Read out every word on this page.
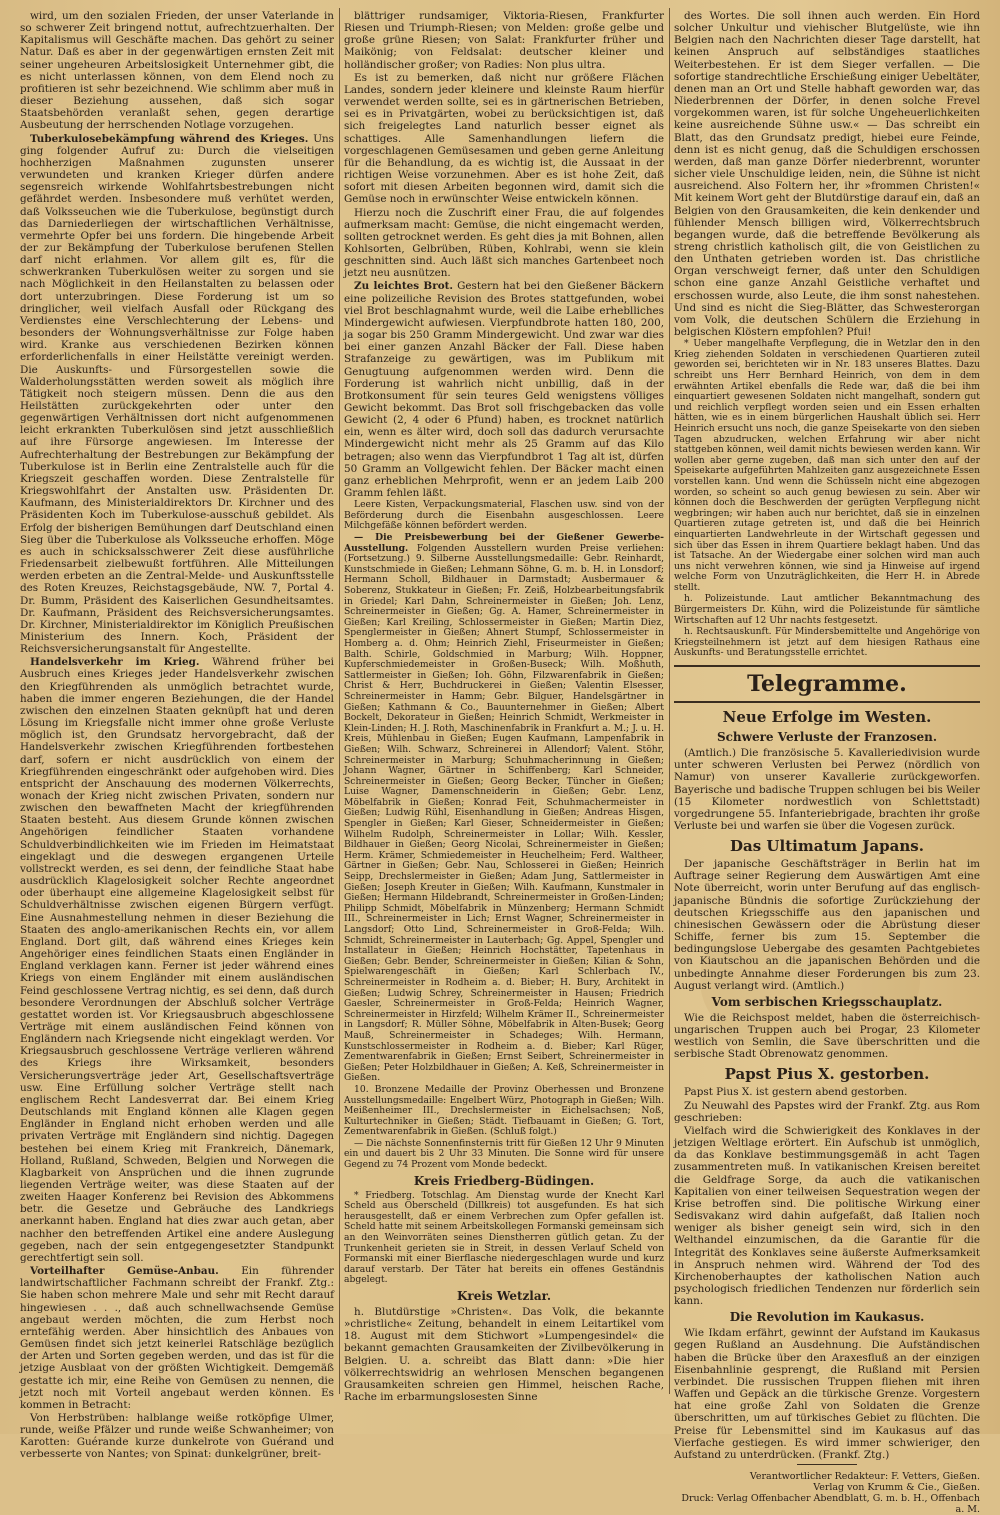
wird, um den sozialen Frieden, der unser Vaterlande in so schwerer Zeit bringend nottut, aufrechtzuerhalten. Der Kapitalismus will Geschäfte machen. Das gehört zu seiner Natur. Daß es aber in der gegenwärtigen ernsten Zeit mit seiner ungeheuren Arbeitslosigkeit Unternehmer gibt, die es nicht unterlassen können, von dem Elend noch zu profitieren ist sehr bezeichnend. Wie schlimm aber muß in dieser Beziehung aussehen, daß sich sogar Staatsbehörden veranlaßt sehen, gegen derartige Ausbeutung der herrschenden Notlage vorzugehen.

Tuberkulosebekämpfung während des Krieges. Uns ging folgender Aufruf zu: Durch die vielseitigen hochherzigen Maßnahmen zugunsten unserer verwundeten und kranken Krieger dürfen andere segensreich wirkende Wohlfahrtsbestrebungen nicht gefährdet werden. Insbesondere muß verhütet werden, daß Volksseuchen wie die Tuberkulose, begünstigt durch das Darniederliegen der wirtschaftlichen Verhältnisse, vermehrte Opfer bei uns fordern. Die hingebende Arbeit der zur Bekämpfung der Tuberkulose berufenen Stellen darf nicht erlahmen. Vor allem gilt es, für die schwerkranken Tuberkulösen weiter zu sorgen und sie nach Möglichkeit in den Heilanstalten zu belassen oder dort unterzubringen. Diese Forderung ist um so dringlicher, weil vielfach Ausfall oder Rückgang des Verdienstes eine Verschlechterung der Lebens- und besonders der Wohnungsverhältnisse zur Folge haben wird. Kranke aus verschiedenen Bezirken können erforderlichenfalls in einer Heilstätte vereinigt werden. Die Auskunfts- und Fürsorgestellen sowie die Walderholungsstätten werden soweit als möglich ihre Tätigkeit noch steigern müssen. Denn die aus den Heilstätten zurückgekehrten oder unter den gegenwärtigen Verhältnissen dort nicht aufgenommenen leicht erkrankten Tuberkulösen sind jetzt ausschließlich auf ihre Fürsorge angewiesen. Im Interesse der Aufrechterhaltung der Bestrebungen zur Bekämpfung der Tuberkulose ist in Berlin eine Zentralstelle auch für die Kriegszeit geschaffen worden. Diese Zentralstelle für Kriegswohlfahrt der Anstalten usw. Präsidenten Dr. Kaufmann, des Ministerialdirektors Dr. Kirchner und des Präsidenten Koch im Tuberkulose-ausschuß gebildet. Als Erfolg der bisherigen Bemühungen darf Deutschland einen Sieg über die Tuberkulose als Volksseuche erhoffen. Möge es auch in schicksalsschwerer Zeit diese ausführliche Friedensarbeit zielbewußt fortführen. Alle Mitteilungen werden erbeten an die Zentral-Melde- und Auskunftsstelle des Roten Kreuzes, Reichstagsgebäude, NW. 7, Portal 4. Dr. Bumm, Präsident des Kaiserlichen Gesundheitsamtes. Dr. Kaufmann, Präsident des Reichsversicherungsamtes. Dr. Kirchner, Ministerialdirektor im Königlich Preußischen Ministerium des Innern. Koch, Präsident der Reichsversicherungsanstalt für Angestellte.

Handelsverkehr im Krieg. Während früher bei Ausbruch eines Krieges jeder Handelsverkehr zwischen den Kriegführenden als unmöglich betrachtet wurde, haben die immer engeren Beziehungen, die der Handel zwischen den einzelnen Staaten geknüpft hat und deren Lösung im Kriegsfalle nicht immer ohne große Verluste möglich ist, den Grundsatz hervorgebracht, daß der Handelsverkehr zwischen Kriegführenden fortbestehen darf, sofern er nicht ausdrücklich von einem der Kriegführenden eingeschränkt oder aufgehoben wird. Dies entspricht der Anschauung des modernen Völkerrechts, wonach der Krieg nicht zwischen Privaten, sondern nur zwischen den bewaffneten Macht der kriegführenden Staaten besteht. Aus diesem Grunde können zwischen Angehörigen feindlicher Staaten vorhandene Schuldverbindlichkeiten wie im Frieden im Heimatstaat eingeklagt und die deswegen ergangenen Urteile vollstreckt werden, es sei denn, der feindliche Staat habe ausdrücklich Klagelosigkeit solcher Rechte angeordnet oder überhaupt eine allgemeine Klagelosigkeit selbst für Schuldverhältnisse zwischen eigenen Bürgern verfügt. Eine Ausnahmestellung nehmen in dieser Beziehung die Staaten des anglo-amerikanischen Rechts ein, vor allem England. Dort gilt, daß während eines Krieges kein Angehöriger eines feindlichen Staats einen Engländer in England verklagen kann. Ferner ist jeder während eines Kriegs von einem Engländer mit einem ausländischen Feind geschlossene Vertrag nichtig, es sei denn, daß durch besondere Verordnungen der Abschluß solcher Verträge gestattet worden ist. Vor Kriegsausbruch abgeschlossene Verträge mit einem ausländischen Feind können von Engländern nach Kriegsende nicht eingeklagt werden. Vor Kriegsausbruch geschlossene Verträge verlieren während des Kriegs ihre Wirksamkeit, besonders Versicherungsverträge jeder Art, Gesellschaftsverträge usw. Eine Erfüllung solcher Verträge stellt nach englischem Recht Landesverrat dar. Bei einem Krieg Deutschlands mit England können alle Klagen gegen Engländer in England nicht erhoben werden und alle privaten Verträge mit Engländern sind nichtig. Dagegen bestehen bei einem Krieg mit Frankreich, Dänemark, Holland, Rußland, Schweden, Belgien und Norwegen die Klagbarkeit von Ansprüchen und die ihnen zugrunde liegenden Verträge weiter, was diese Staaten auf der zweiten Haager Konferenz bei Revision des Abkommens betr. die Gesetze und Gebräuche des Landkriegs anerkannt haben. England hat dies zwar auch getan, aber nachher den betreffenden Artikel eine andere Auslegung gegeben, nach der sein entgegengesetzter Standpunkt gerechtfertigt sein soll.

Vorteilhafter Gemüse-Anbau. Ein führender landwirtschaftlicher Fachmann schreibt der Frankf. Ztg.: Sie haben schon mehrere Male und sehr mit Recht darauf hingewiesen . . ., daß auch schnellwachsende Gemüse angebaut werden möchten, die zum Herbst noch erntefähig werden. Aber hinsichtlich des Anbaues von Gemüsen findet sich jetzt keinerlei Ratschläge bezüglich der Arten und Sorten gegeben werden, und das ist für die jetzige Ausblaat von der größten Wichtigkeit. Demgemäß gestatte ich mir, eine Reihe von Gemüsen zu nennen, die jetzt noch mit Vorteil angebaut werden können. Es kommen in Betracht:

Von Herbstrüben: halblange weiße rotköpfige Ulmer, runde, weiße Pfälzer und runde weiße Schwanheimer; von Karotten: Guérande kurze dunkelrote von Guérand und verbesserte von Nantes; von Spinat: dunkelgrüner, breit-

blättriger rundsamiger, Viktoria-Riesen, Frankfurter Riesen und Triumph-Riesen; von Melden: große gelbe und große grüne Riesen; von Salat: Frankfurter früher und Maikönig; von Feldsalat: deutscher kleiner und holländischer großer; von Radies: Non plus ultra.

Es ist zu bemerken, daß nicht nur größere Flächen Landes, sondern jeder kleinere und kleinste Raum hierfür verwendet werden sollte, sei es in gärtnerischen Betrieben, sei es in Privatgärten, wobei zu berücksichtigen ist, daß sich freigelegtes Land naturlich besser eignet als schattiges. Alle Samenhandlungen liefern die vorgeschlagenen Gemüsesamen und geben gerne Anleitung für die Behandlung, da es wichtig ist, die Aussaat in der richtigen Weise vorzunehmen. Aber es ist hohe Zeit, daß sofort mit diesen Arbeiten begonnen wird, damit sich die Gemüse noch in erwünschter Weise entwickeln können.

Hierzu noch die Zuschrift einer Frau, die auf folgendes aufmerksam macht: Gemüse, die nicht eingemacht werden, sollten getrocknet werden. Es geht dies ja mit Bohnen, allen Kohlsorten, Gelbrüben, Rüben, Kohlrabi, wenn sie klein geschnitten sind. Auch läßt sich manches Gartenbeet noch jetzt neu ausnützen.

Zu leichtes Brot. Gestern hat bei den Gießener Bäckern eine polizeiliche Revision des Brotes stattgefunden, wobei viel Brot beschlagnahmt wurde, weil die Laibe erheblliches Mindergewicht aufwiesen. Vierpfundbrote hatten 180, 200, ja sogar bis 250 Gramm Mindergewicht. Und zwar war dies bei einer ganzen Anzahl Bäcker der Fall. Diese haben Strafanzeige zu gewärtigen, was im Publikum mit Genugtuung aufgenommen werden wird. Denn die Forderung ist wahrlich nicht unbillig, daß in der Brotkonsument für sein teures Geld wenigstens völliges Gewicht bekommt. Das Brot soll frischgebacken das volle Gewicht (2, 4 oder 6 Pfund) haben, es trocknet natürlich ein, wenn es älter wird, doch soll das dadurch verursachte Mindergewicht nicht mehr als 25 Gramm auf das Kilo betragen; also wenn das Vierpfundbrot 1 Tag alt ist, dürfen 50 Gramm an Vollgewicht fehlen. Der Bäcker macht einen ganz erheblichen Mehrprofit, wenn er an jedem Laib 200 Gramm fehlen läßt.

Leere Kisten, Verpackungsmaterial, Flaschen usw. sind von der Beförderung durch die Eisenbahn ausgeschlossen. Leere Milchgefäße können befördert werden.

— Die Preisbewerbung bei der Gießener Gewerbe-Ausstellung. Folgenden Ausstellern wurden Preise verliehen: (Fortsetzung.) 9. Silberne Ausstellungsmedaille: Gebr. Reinhardt, Kunstschmiede in Gießen; Lehmann Söhne, G. m. b. H. in Lonsdorf; Hermann Scholl, Bildhauer in Darmstadt; Ausbermauer & Soberenz, Stukkateur in Gießen; Fr. Zeiß, Holzbearbeitungsfabrik in Griedel; Karl Dahn, Schreinermeister in Gießen; Joh. Lenz, Schreinermeister in Gießen; Gg. A. Hamer, Schreinermeister in Gießen; Karl Kreiling, Schlossermeister in Gießen; Martin Diez, Spenglermeister in Gießen; Ahnert Stumpf, Schlossermeister in Homberg a. d. Ohm; Heinrich Ziehl, Friseurmeister in Gießen; Balth. Schirle, Goldschmied in Marburg; Wilh. Hoppner, Kupferschmiedemeister in Großen-Buseck; Wilh. Moßhuth, Sattlermeister in Gießen; Ioh. Göhn, Filzwarenfabrik in Gießen; Christ & Herr, Buchdruckerei in Gießen; Valentin Elsesser, Schreinermeister in Hamm; Gebr. Bilguer, Handelsgärtner in Gießen; Kathmann & Co., Bauunternehmer in Gießen; Albert Bockelt, Dekorateur in Gießen; Heinrich Schmidt, Werkmeister in Klein-Linden; H. J. Roth, Maschinenfabrik in Frankfurt a. M.; J. u. H. Kreis, Mühlenbau in Gießen; Eugen Kaufmann, Lampenfabrik in Gießen; Wilh. Schwarz, Schreinerei in Allendorf; Valent. Stöhr, Schreinermeister in Marburg; Schuhmacherinnung in Gießen; Johann Wagner, Gärtner in Schiffenberg; Karl Schneider, Schreinermeister in Gießen; Georg Becker, Tüncher in Gießen; Luise Wagner, Damenschneiderin in Gießen; Gebr. Lenz, Möbelfabrik in Gießen; Konrad Feit, Schuhmachermeister in Gießen; Ludwig Rühl, Eisenhandlung in Gießen; Andreas Hisgen, Spengler in Gießen; Karl Gieser, Schneidermeister in Gießen; Wilhelm Rudolph, Schreinermeister in Lollar; Wilh. Kessler, Bildhauer in Gießen; Georg Nicolai, Schreinermeister in Gießen; Herm. Krämer, Schmiedemeister in Heuchelheim; Ferd. Waltheer, Gärtner in Gießen; Gebr. Nau, Schlosserei in Gießen; Heinrich Seipp, Drechslermeister in Gießen; Adam Jung, Sattlermeister in Gießen; Joseph Kreuter in Gießen; Wilh. Kaufmann, Kunstmaler in Gießen; Hermann Hildebrandt, Schreinermeister in Großen-Linden; Philipp Schmidt, Möbelfabrik in Münzenberg; Hermann Schmidt III., Schreinermeister in Lich; Ernst Wagner, Schreinermeister in Langsdorf; Otto Lind, Schreinermeister in Groß-Felda; Wilh. Schmidt, Schreinermeister in Lauterbach; Gg. Appel, Spengler und Installateur in Gießen; Heinrich Hochstätter, Tapetenhaus in Gießen; Gebr. Bender, Schreinermeister in Gießen; Kilian & Sohn, Spielwarengeschäft in Gießen; Karl Schlerbach IV., Schreinermeister in Rodheim a. d. Bieber; H. Bury, Architekt in Gießen; Ludwig Schrey, Schreinermeister in Hausen; Friedrich Gaesler, Schreinermeister in Groß-Felda; Heinrich Wagner, Schreinermeister in Hirzfeld; Wilhelm Krämer II., Schreinermeister in Langsdorf; R. Müller Söhne, Möbelfabrik in Alten-Busek; Georg Mauß, Schreinermeister in Schadeges; Wilh. Hermann, Kunstschlossermeister in Rodheim a. d. Bieber; Karl Rüger, Zementwarenfabrik in Gießen; Ernst Seibert, Schreinermeister in Gießen; Peter Holzbildhauer in Gießen; A. Keß, Schreinermeister in Gießen.

10. Bronzene Medaille der Provinz Oberhessen und Bronzene Ausstellungsmedaille: Engelbert Würz, Photograph in Gießen; Wilh. Meißenheimer III., Drechslermeister in Eichelsachsen; Noß, Kulturtechniker in Gießen; Städt. Tiefbauamt in Gießen; G. Tort, Zementwarenfabrik in Gießen. (Schluß folgt.)

— Die nächste Sonnenfinsternis tritt für Gießen 12 Uhr 9 Minuten ein und dauert bis 2 Uhr 33 Minuten. Die Sonne wird für unsere Gegend zu 74 Prozent vom Monde bedeckt.

Kreis Friedberg-Büdingen.

* Friedberg. Totschlag. Am Dienstag wurde der Knecht Karl Scheld aus Oberscheld (Dillkreis) tot ausgefunden. Es hat sich herausgestellt, daß er einem Verbrechen zum Opfer gefallen ist. Scheld hatte mit seinem Arbeitskollegen Formanski gemeinsam sich an den Weinvorräten seines Dienstherren gütlich getan. Zu der Trunkenheit gerieten sie in Streit, in dessen Verlauf Scheld von Formanski mit einer Bierflasche niedergeschlagen wurde und kurz darauf verstarb. Der Täter hat bereits ein offenes Geständnis abgelegt.

Kreis Wetzlar.

h. Blutdürstige »Christen«. Das Volk, die bekannte »christliche« Zeitung, behandelt in einem Leitartikel vom 18. August mit dem Stichwort »Lumpengesindel« die bekannt gemachten Grausamkeiten der Zivilbevölkerung in Belgien. U. a. schreibt das Blatt dann: »Die hier völkerrechtswidrig an wehrlosen Menschen begangenen Grausamkeiten schreien gen Himmel, heischen Rache, Rache im erbarmungslosesten Sinne

des Wortes. Die soll ihnen auch werden. Ein Hord solcher Unkultur und viehischer Blutgelüste, wie ihn Belgien nach den Nachrichten dieser Tage darstellt, hat keinen Anspruch auf selbständiges staatliches Weiterbestehen. Er ist dem Sieger verfallen. — Die sofortige standrechtliche Erschießung einiger Uebeltäter, denen man an Ort und Stelle habhaft geworden war, das Niederbrennen der Dörfer, in denen solche Frevel vorgekommen waren, ist für solche Ungeheuerlichkeiten keine ausreichende Sühne usw.« — Das schreibt ein Blatt, das den Grundsatz predigt, hiebei eure Feinde, denn ist es nicht genug, daß die Schuldigen erschossen werden, daß man ganze Dörfer niederbrennt, worunter sicher viele Unschuldige leiden, nein, die Sühne ist nicht ausreichend. Also Foltern her, ihr »frommen Christen!« Mit keinem Wort geht der Blutdürstige darauf ein, daß an Belgien von den Grausamkeiten, die kein denkender und fühlender Mensch billigen wird, Völkerrechtsbruch begangen wurde, daß die betreffende Bevölkerung als streng christlich katholisch gilt, die von Geistlichen zu den Unthaten getrieben worden ist. Das christliche Organ verschweigt ferner, daß unter den Schuldigen schon eine ganze Anzahl Geistliche verhaftet und erschossen wurde, also Leute, die ihm sonst nahestehen. Und sind es nicht die Sieg-Blätter, das Schwesterorgan vom Volk, die deutschen Schülern die Erziehung in belgischen Klöstern empfohlen? Pfui!

* Ueber mangelhafte Verpflegung, die in Wetzlar den in den Krieg ziehenden Soldaten in verschiedenen Quartieren zuteil geworden sei, berichteten wir in Nr. 183 unseres Blattes. Dazu schreibt uns Herr Bernhard Heinrich, von dem in dem erwähnten Artikel ebenfalls die Rede war, daß die bei ihm einquartiert gewesenen Soldaten nicht mangelhaft, sondern gut und reichlich verpflegt worden seien und ein Essen erhalten hätten, wie es in einem bürgerlichen Haushalt üblich sei. Herr Heinrich ersucht uns noch, die ganze Speisekarte von den sieben Tagen abzudrucken, welchen Erfahrung wir aber nicht stattgeben können, weil damit nichts bewiesen werden kann. Wir wollen aber gerne zugeben, daß man sich unter den auf der Speisekarte aufgeführten Mahlzeiten ganz ausgezeichnete Essen vorstellen kann. Und wenn die Schüsseln nicht eine abgezogen worden, so scheint so auch genug bewiesen zu sein. Aber wir können doch die Beschwerden der gerügten Verpflegung nicht wegbringen; wir haben auch nur berichtet, daß sie in einzelnen Quartieren zutage getreten ist, und daß die bei Heinrich einquartierten Landwehrleute in der Wirtschaft gegessen und sich über das Essen in ihrem Quartiere beklagt haben. Und das ist Tatsache. An der Wiedergabe einer solchen wird man auch uns nicht verwehren können, wie sind ja Hinweise auf irgend welche Form von Unzuträglichkeiten, die Herr H. in Abrede stellt.

h. Polizeistunde. Laut amtlicher Bekanntmachung des Bürgermeisters Dr. Kühn, wird die Polizeistunde für sämtliche Wirtschaften auf 12 Uhr nachts festgesetzt.

h. Rechtsauskunft. Für Mindersbemittelte und Angehörige von Kriegsteilnehmern ist jetzt auf dem hiesigen Rathaus eine Auskunfts- und Beratungsstelle errichtet.

Telegramme.
Neue Erfolge im Westen.
Schwere Verluste der Franzosen.

(Amtlich.) Die französische 5. Kavalleriedivision wurde unter schweren Verlusten bei Perwez (nördlich von Namur) von unserer Kavallerie zurückgeworfen. Bayerische und badische Truppen schlugen bei bis Weiler (15 Kilometer nordwestlich von Schlettstadt) vorgedrungene 55. Infanteriebrigade, brachten ihr große Verluste bei und warfen sie über die Vogesen zurück.

Das Ultimatum Japans.

Der japanische Geschäftsträger in Berlin hat im Auftrage seiner Regierung dem Auswärtigen Amt eine Note überreicht, worin unter Berufung auf das englisch-japanische Bündnis die sofortige Zurückziehung der deutschen Kriegsschiffe aus den japanischen und chinesischen Gewässern oder die Abrüstung dieser Schiffe, ferner bis zum 15. September die bedingungslose Uebergabe des gesamten Pachtgebietes von Kiautschou an die japanischen Behörden und die unbedingte Annahme dieser Forderungen bis zum 23. August verlangt wird. (Amtlich.)

Vom serbischen Kriegsschauplatz.

Wie die Reichspost meldet, haben die österreichisch-ungarischen Truppen auch bei Progar, 23 Kilometer westlich von Semlin, die Save überschritten und die serbische Stadt Obrenowatz genommen.

Papst Pius X. gestorben.

Papst Pius X. ist gestern abend gestorben.

Zu Neuwahl des Papstes wird der Frankf. Ztg. aus Rom geschrieben:

Vielfach wird die Schwierigkeit des Konklaves in der jetzigen Weltlage erörtert. Ein Aufschub ist unmöglich, da das Konklave bestimmungsgemäß in acht Tagen zusammentreten muß. In vatikanischen Kreisen bereitet die Geldfrage Sorge, da auch die vatikanischen Kapitalien von einer teilweisen Sequestration wegen der Krise betroffen sind. Die politische Wirkung einer Sedisvakanz wird dahin aufgefaßt, daß Italien noch weniger als bisher geneigt sein wird, sich in den Welthandel einzumischen, da die Garantie für die Integrität des Konklaves seine äußerste Aufmerksamkeit in Anspruch nehmen wird. Während der Tod des Kirchenoberhauptes der katholischen Nation auch psychologisch friedlichen Tendenzen nur förderlich sein kann.

Die Revolution im Kaukasus.

Wie Ikdam erfährt, gewinnt der Aufstand im Kaukasus gegen Rußland an Ausdehnung. Die Aufständischen haben die Brücke über den Araxesfluß an der einzigen Eisenbahnlinie gesprengt, die Rußland mit Persien verbindet. Die russischen Truppen fliehen mit ihren Waffen und Gepäck an die türkische Grenze. Vorgestern hat eine große Zahl von Soldaten die Grenze überschritten, um auf türkisches Gebiet zu flüchten. Die Preise für Lebensmittel sind im Kaukasus auf das Vierfache gestiegen. Es wird immer schwieriger, den Aufstand zu unterdrücken. (Frankf. Ztg.)

Verantwortlicher Redakteur: F. Vetters, Gießen.
Verlag von Krumm & Cie., Gießen.
Druck: Verlag Offenbacher Abendblatt, G. m. b. H., Offenbach a. M.
